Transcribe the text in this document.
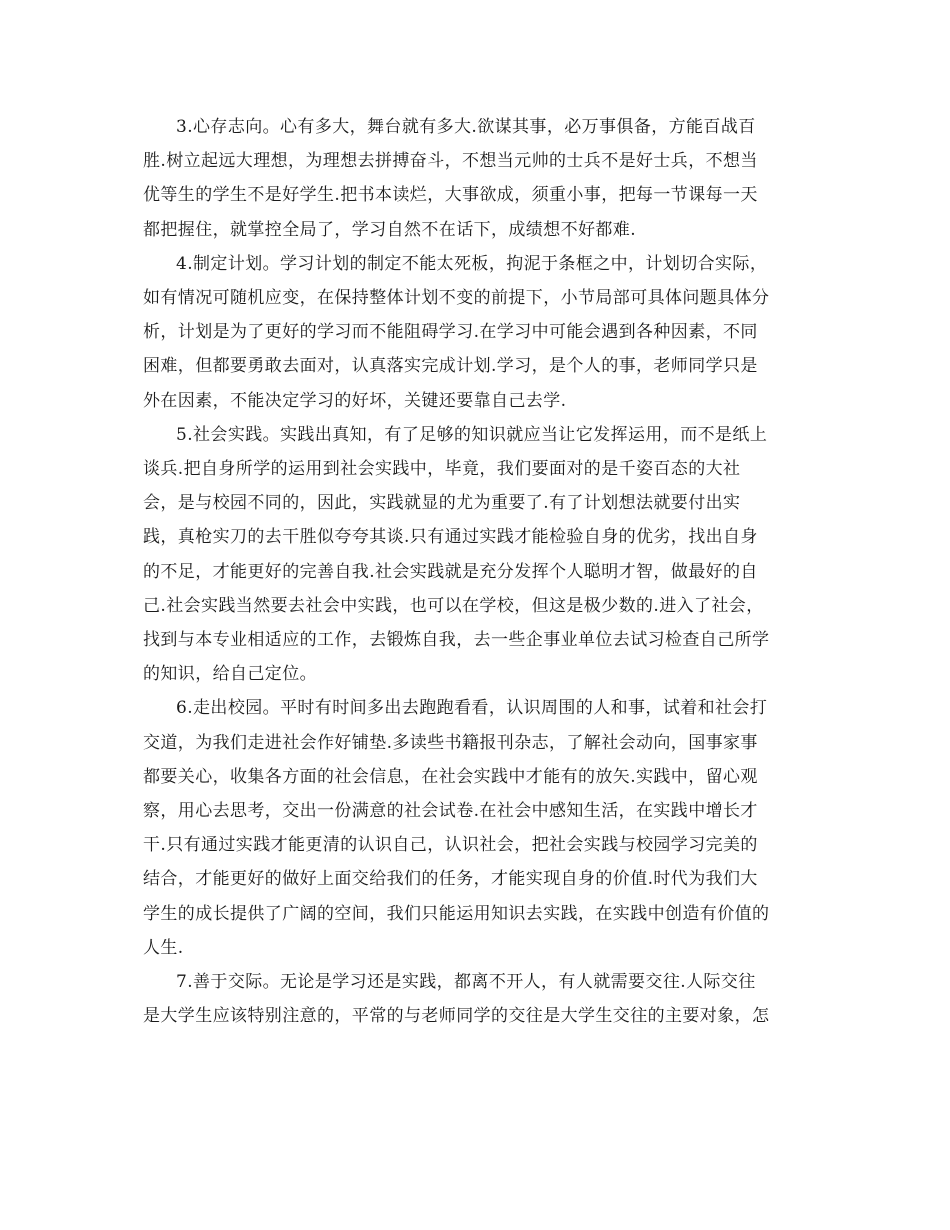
3.心存志向。心有多大，舞台就有多大.欲谋其事，必万事俱备，方能百战百
胜.树立起远大理想，为理想去拼搏奋斗，不想当元帅的士兵不是好士兵，不想当
优等生的学生不是好学生.把书本读烂，大事欲成，须重小事，把每一节课每一天
都把握住，就掌控全局了，学习自然不在话下，成绩想不好都难.

4.制定计划。学习计划的制定不能太死板，拘泥于条框之中，计划切合实际，
如有情况可随机应变，在保持整体计划不变的前提下，小节局部可具体问题具体分
析，计划是为了更好的学习而不能阻碍学习.在学习中可能会遇到各种因素，不同
困难，但都要勇敢去面对，认真落实完成计划.学习，是个人的事，老师同学只是
外在因素，不能决定学习的好坏，关键还要靠自己去学.

5.社会实践。实践出真知，有了足够的知识就应当让它发挥运用，而不是纸上
谈兵.把自身所学的运用到社会实践中，毕竟，我们要面对的是千姿百态的大社
会，是与校园不同的，因此，实践就显的尤为重要了.有了计划想法就要付出实
践，真枪实刀的去干胜似夸夸其谈.只有通过实践才能检验自身的优劣，找出自身
的不足，才能更好的完善自我.社会实践就是充分发挥个人聪明才智，做最好的自
己.社会实践当然要去社会中实践，也可以在学校，但这是极少数的.进入了社会，
找到与本专业相适应的工作，去锻炼自我，去一些企事业单位去试习检查自己所学
的知识，给自己定位。

6.走出校园。平时有时间多出去跑跑看看，认识周围的人和事，试着和社会打
交道，为我们走进社会作好铺垫.多读些书籍报刊杂志，了解社会动向，国事家事
都要关心，收集各方面的社会信息，在社会实践中才能有的放矢.实践中，留心观
察，用心去思考，交出一份满意的社会试卷.在社会中感知生活，在实践中增长才
干.只有通过实践才能更清的认识自己，认识社会，把社会实践与校园学习完美的
结合，才能更好的做好上面交给我们的任务，才能实现自身的价值.时代为我们大
学生的成长提供了广阔的空间，我们只能运用知识去实践，在实践中创造有价值的
人生.

7.善于交际。无论是学习还是实践，都离不开人，有人就需要交往.人际交往
是大学生应该特别注意的，平常的与老师同学的交往是大学生交往的主要对象，怎
